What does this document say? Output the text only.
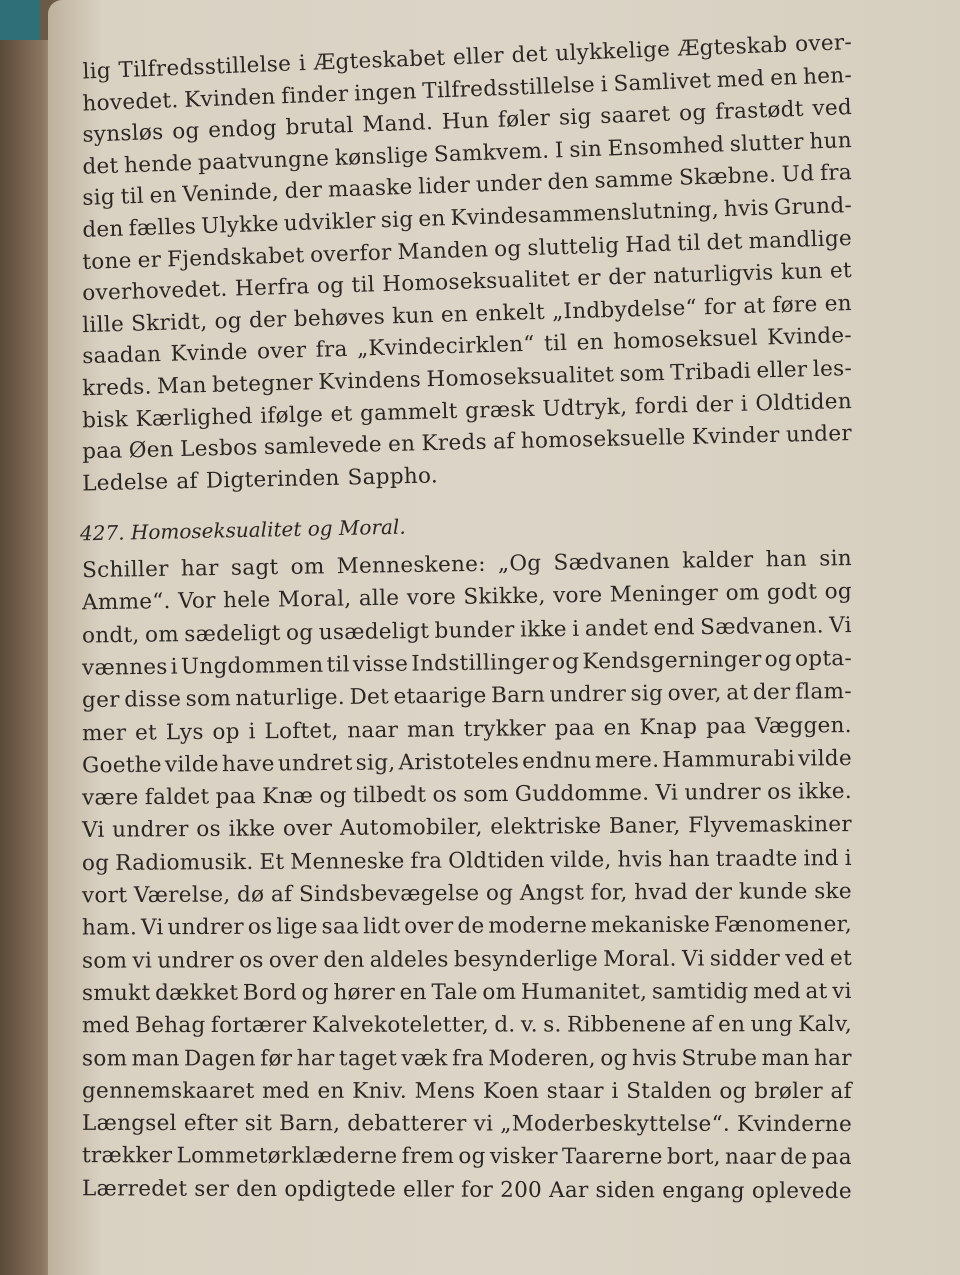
lig Tilfredsstillelse i Ægteskabet eller det ulykkelige Ægteskab over-
hovedet. Kvinden finder ingen Tilfredsstillelse i Samlivet med en hen-
synsløs og endog brutal Mand. Hun føler sig saaret og frastødt ved
det hende paatvungne kønslige Samkvem. I sin Ensomhed slutter hun
sig til en Veninde, der maaske lider under den samme Skæbne. Ud fra
den fælles Ulykke udvikler sig en Kvindesammenslutning, hvis Grund-
tone er Fjendskabet overfor Manden og sluttelig Had til det mandlige
overhovedet. Herfra og til Homoseksualitet er der naturligvis kun et
lille Skridt, og der behøves kun en enkelt „Indbydelse“ for at føre en
saadan Kvinde over fra „Kvindecirklen“ til en homoseksuel Kvinde-
kreds. Man betegner Kvindens Homoseksualitet som Tribadi eller les-
bisk Kærlighed ifølge et gammelt græsk Udtryk, fordi der i Oldtiden
paa Øen Lesbos samlevede en Kreds af homoseksuelle Kvinder under
Ledelse af Digterinden Sappho.
427. Homoseksualitet og Moral.
Schiller har sagt om Menneskene: „Og Sædvanen kalder han sin
Amme“. Vor hele Moral, alle vore Skikke, vore Meninger om godt og
ondt, om sædeligt og usædeligt bunder ikke i andet end Sædvanen. Vi
vænnes i Ungdommen til visse Indstillinger og Kendsgerninger og opta-
ger disse som naturlige. Det etaarige Barn undrer sig over, at der flam-
mer et Lys op i Loftet, naar man trykker paa en Knap paa Væggen.
Goethe vilde have undret sig, Aristoteles endnu mere. Hammurabi vilde
være faldet paa Knæ og tilbedt os som Guddomme. Vi undrer os ikke.
Vi undrer os ikke over Automobiler, elektriske Baner, Flyvemaskiner
og Radiomusik. Et Menneske fra Oldtiden vilde, hvis han traadte ind i
vort Værelse, dø af Sindsbevægelse og Angst for, hvad der kunde ske
ham. Vi undrer os lige saa lidt over de moderne mekaniske Fænomener,
som vi undrer os over den aldeles besynderlige Moral. Vi sidder ved et
smukt dækket Bord og hører en Tale om Humanitet, samtidig med at vi
med Behag fortærer Kalvekoteletter, d. v. s. Ribbenene af en ung Kalv,
som man Dagen før har taget væk fra Moderen, og hvis Strube man har
gennemskaaret med en Kniv. Mens Koen staar i Stalden og brøler af
Længsel efter sit Barn, debatterer vi „Moderbeskyttelse“. Kvinderne
trækker Lommetørklæderne frem og visker Taarerne bort, naar de paa
Lærredet ser den opdigtede eller for 200 Aar siden engang oplevede
